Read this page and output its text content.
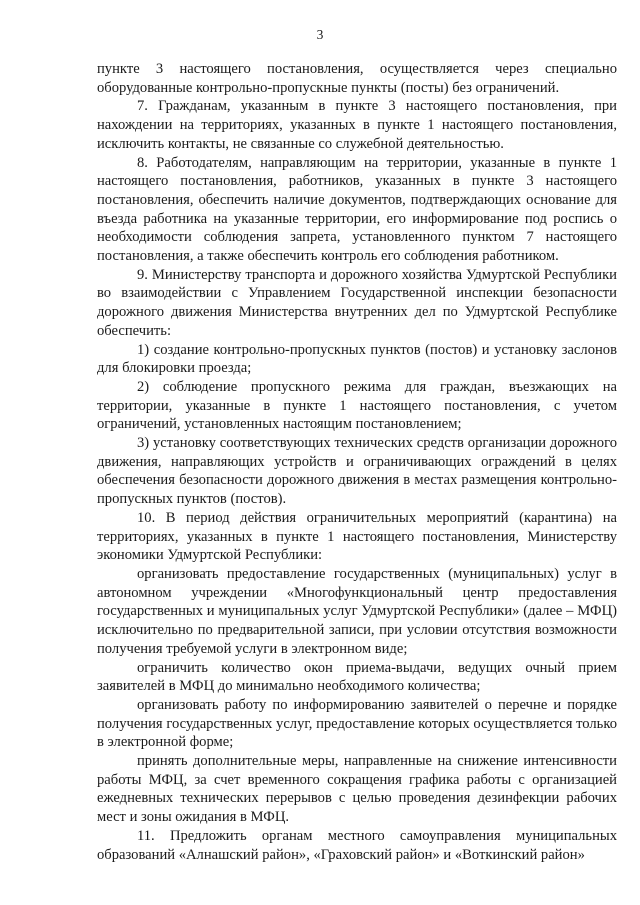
3

пункте 3 настоящего постановления, осуществляется через специально оборудованные контрольно-пропускные пункты (посты) без ограничений.

7. Гражданам, указанным в пункте 3 настоящего постановления, при нахождении на территориях, указанных в пункте 1 настоящего постановления, исключить контакты, не связанные со служебной деятельностью.

8. Работодателям, направляющим на территории, указанные в пункте 1 настоящего постановления, работников, указанных в пункте 3 настоящего постановления, обеспечить наличие документов, подтверждающих основание для въезда работника на указанные территории, его информирование под роспись о необходимости соблюдения запрета, установленного пунктом 7 настоящего постановления, а также обеспечить контроль его соблюдения работником.

9. Министерству транспорта и дорожного хозяйства Удмуртской Республики во взаимодействии с Управлением Государственной инспекции безопасности дорожного движения Министерства внутренних дел по Удмуртской Республике обеспечить:

1) создание контрольно-пропускных пунктов (постов) и установку заслонов для блокировки проезда;

2) соблюдение пропускного режима для граждан, въезжающих на территории, указанные в пункте 1 настоящего постановления, с учетом ограничений, установленных настоящим постановлением;

3) установку соответствующих технических средств организации дорожного движения, направляющих устройств и ограничивающих ограждений в целях обеспечения безопасности дорожного движения в местах размещения контрольно-пропускных пунктов (постов).

10. В период действия ограничительных мероприятий (карантина) на территориях, указанных в пункте 1 настоящего постановления, Министерству экономики Удмуртской Республики:

организовать предоставление государственных (муниципальных) услуг в автономном учреждении «Многофункциональный центр предоставления государственных и муниципальных услуг Удмуртской Республики» (далее – МФЦ) исключительно по предварительной записи, при условии отсутствия возможности получения требуемой услуги в электронном виде;

ограничить количество окон приема-выдачи, ведущих очный прием заявителей в МФЦ до минимально необходимого количества;

организовать работу по информированию заявителей о перечне и порядке получения государственных услуг, предоставление которых осуществляется только в электронной форме;

принять дополнительные меры, направленные на снижение интенсивности работы МФЦ, за счет временного сокращения графика работы с организацией ежедневных технических перерывов с целью проведения дезинфекции рабочих мест и зоны ожидания в МФЦ.

11. Предложить органам местного самоуправления муниципальных образований «Алнашский район», «Граховский район» и «Воткинский район»
